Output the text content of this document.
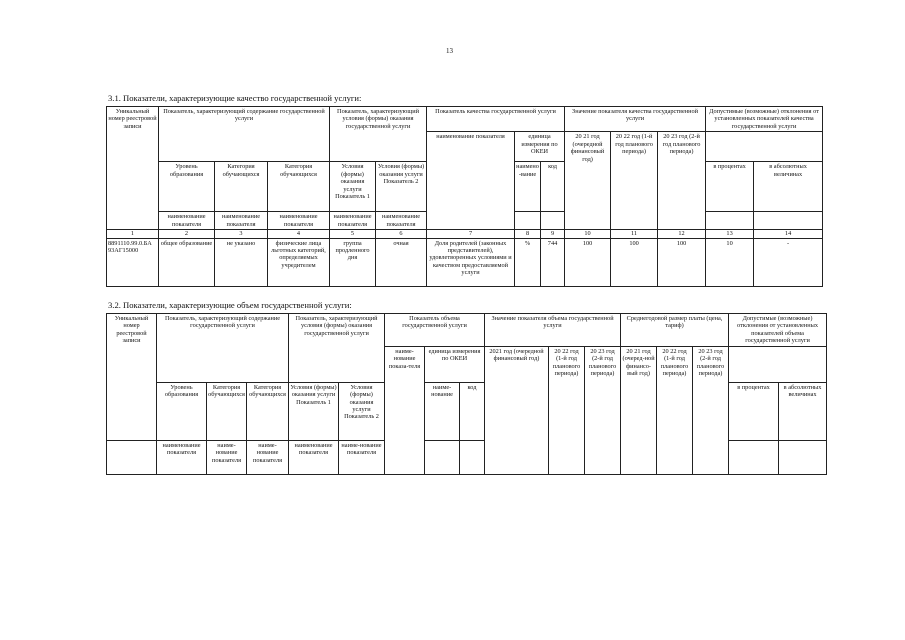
13
3.1. Показатели, характеризующие качество государственной услуги:
Уникальный номер реестровой записи	Показатель, характеризующий содержание государственной услуги			Показатель, характеризующий условия (формы) оказания государственной услуги		Показатель качества государственной услуги			Значение показателя качества государственной услуги			Допустимые (возможные) отклонения от установленных показателей качества государственной услуги	
						наименование показателя	единица измерения по ОКЕИ		20 21 год (очередной финансовый год)	20 22 год (1-й год планового периода)	20 23 год (2-й год планового периода)		
	Уровень образования	Категория обучающихся	Категория обучающихся	Условия (формы) оказания услуги Показатель 1	Условия (формы) оказания услуги Показатель 2		наимено-вание	код				в процентах	в абсолютных величинах
	наименование показателя	наименование показателя	наименование показателя	наименование показателя	наименование показателя								
1	2	3	4	5	6	7	8	9	10	11	12	13	14
8891110.99.0.БА 93АГ15000	общее образование	не указано	физические лица льготных категорий, определяемых учредителем	группа продленного дня	очная	Доля родителей (законных представителей), удовлетворенных условиями и качеством предоставляемой услуги	%	744	100	100	100	10	-
3.2. Показатели, характеризующие объем государственной услуги:
Уникальный номер реестровой записи	Показатель, характеризующий содержание государственной услуги			Показатель, характеризующий условия (формы) оказания государственной услуги		Показатель объема государственной услуги			Значение показателя объема государственной услуги			Среднегодовой размер платы (цена, тариф)			Допустимые (возможные) отклонения от установленных показателей объема государственной услуги	
						наиме-нование показа-теля	единица измерения по ОКЕИ		2021 год (очередной финансовый год)	20 22 год (1-й год планового периода)	20 23 год (2-й год планового периода)	20 21 год (очеред-ной финансо-вый год)	20 22 год (1-й год планового периода)	20 23 год (2-й год планового периода)		
	Уровень образования	Категория обучающихся	Категория обучающихся	Условия (формы) оказания услуги Показатель 1	Условия (формы) оказания услуги Показатель 2		наиме-нование	код							в процентах	в абсолютных величинах
	наименование показателя	наиме-нование показателя	наиме-нование показателя	наименование показателя	наиме-нование показателя											
